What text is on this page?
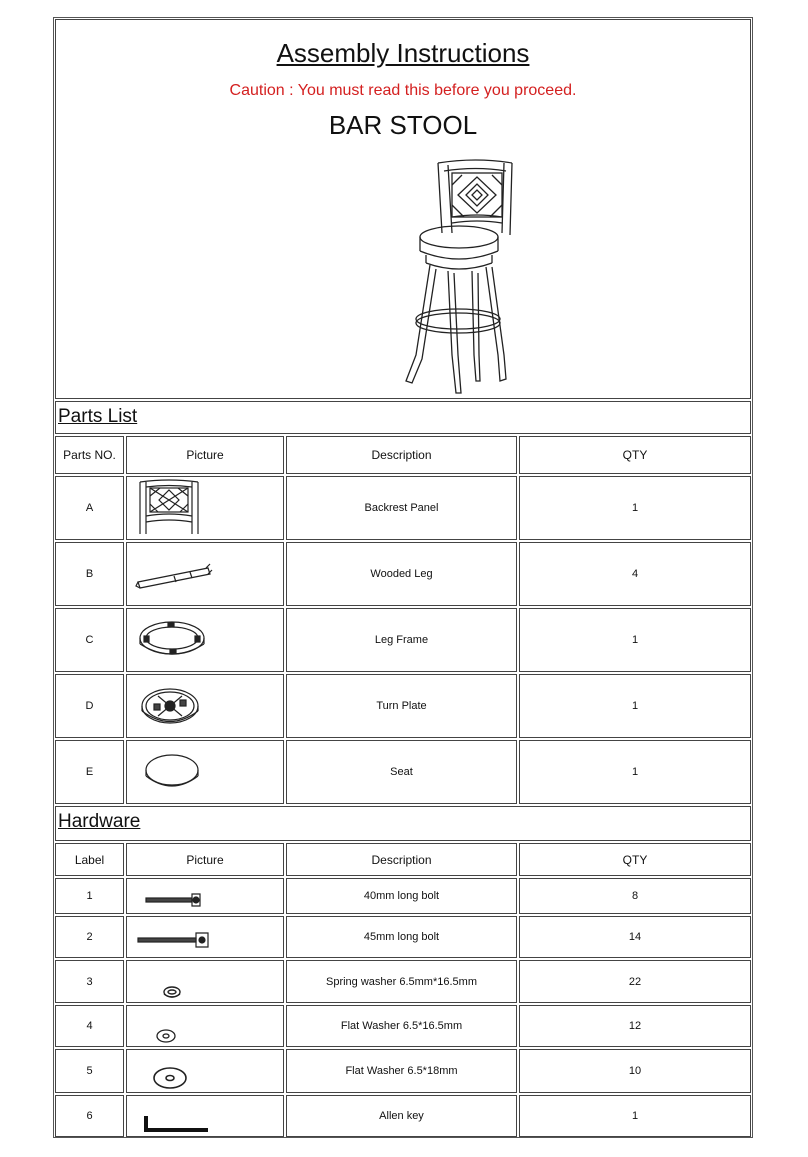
Assembly Instructions
Caution : You must read this before you proceed.
BAR STOOL
Parts List
Parts NO.	Picture	Description	QTY
A	Backrest Panel	1
B	Wooded Leg	4
C	Leg Frame	1
D	Turn Plate	1
E	Seat	1
Hardware
Label	Picture	Description	QTY
1	40mm long bolt	8
2	45mm long bolt	14
3	Spring washer 6.5mm*16.5mm	22
4	Flat Washer 6.5*16.5mm	12
5	Flat Washer 6.5*18mm	10
6	Allen key	1
